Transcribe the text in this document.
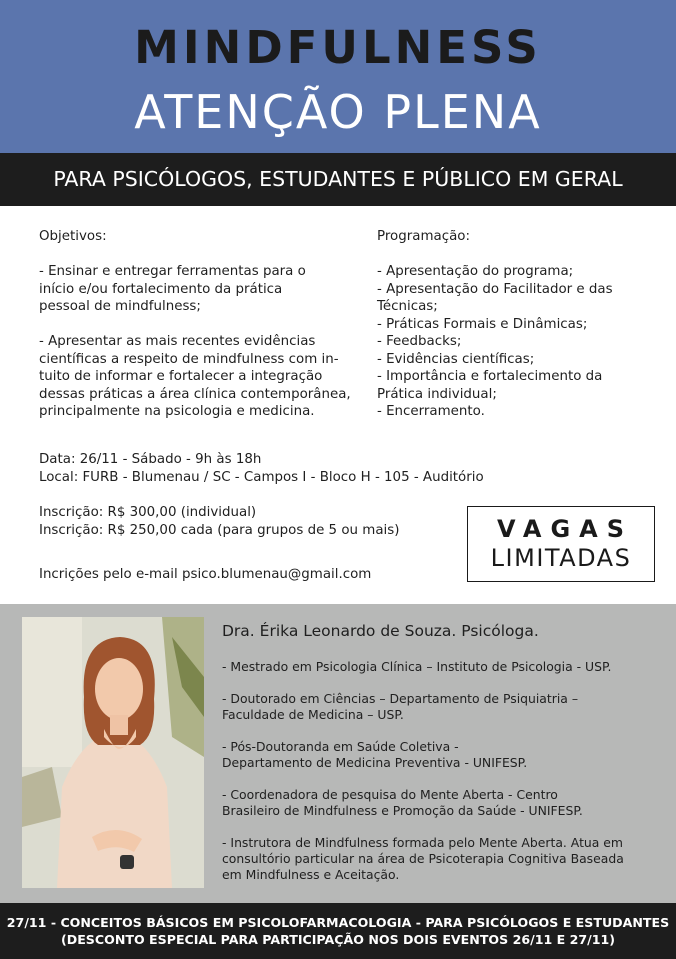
MINDFULNESS
ATENÇÃO PLENA
PARA PSICÓLOGOS, ESTUDANTES E PÚBLICO EM GERAL

Objetivos:

- Ensinar e entregar ferramentas para o

início e/ou fortalecimento da prática

pessoal de mindfulness;

- Apresentar as mais recentes evidências

científicas a respeito de mindfulness com in-

tuito de informar e fortalecer a integração

dessas práticas a área clínica contemporânea,

principalmente na psicologia e medicina.

Programação:

- Apresentação do programa;

- Apresentação do Facilitador e das

Técnicas;

- Práticas Formais e Dinâmicas;

- Feedbacks;

- Evidências científicas;

- Importância e fortalecimento da

Prática individual;

- Encerramento.

Data: 26/11 - Sábado - 9h às 18h

Local: FURB - Blumenau / SC - Campos I - Bloco H - 105 - Auditório

Inscrição: R$ 300,00 (individual)

Inscrição: R$ 250,00 cada (para grupos de 5 ou mais)

Incrições pelo e-mail psico.blumenau@gmail.com

VAGAS
LIMITADAS

Dra. Érika Leonardo de Souza. Psicóloga.

- Mestrado em Psicologia Clínica – Instituto de Psicologia - USP.

- Doutorado em Ciências – Departamento de Psiquiatria –
Faculdade de Medicina – USP.

- Pós-Doutoranda em Saúde Coletiva -
Departamento de Medicina Preventiva - UNIFESP.

- Coordenadora de pesquisa do Mente Aberta - Centro
Brasileiro de Mindfulness e Promoção da Saúde - UNIFESP.

- Instrutora de Mindfulness formada pelo Mente Aberta. Atua em
consultório particular na área de Psicoterapia Cognitiva Baseada
em Mindfulness e Aceitação.

27/11 - CONCEITOS BÁSICOS EM PSICOLOFARMACOLOGIA - PARA PSICÓLOGOS E ESTUDANTES
(DESCONTO ESPECIAL PARA PARTICIPAÇÃO NOS DOIS EVENTOS 26/11 E 27/11)
